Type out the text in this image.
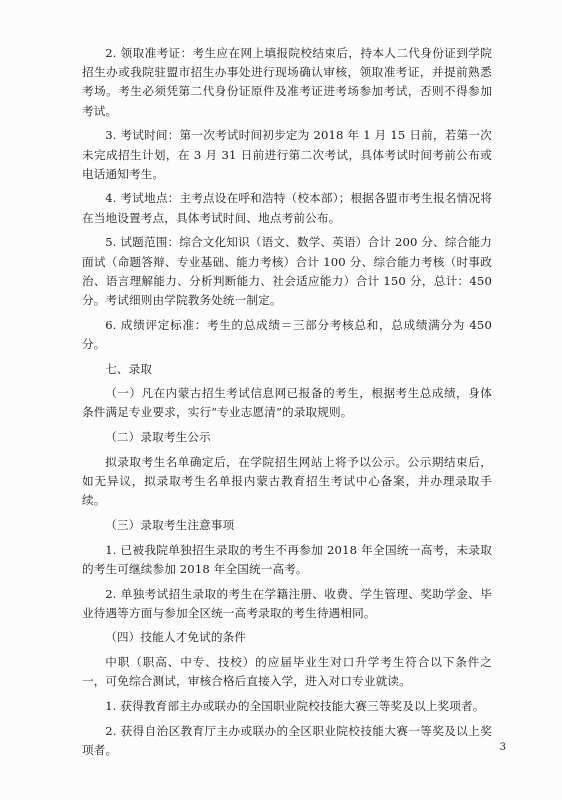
2. 领取准考证：考生应在网上填报院校结束后，持本人二代身份证到学院招生办或我院驻盟市招生办事处进行现场确认审核，领取准考证，并提前熟悉考场。考生必须凭第二代身份证原件及准考证进考场参加考试，否则不得参加考试。

3. 考试时间：第一次考试时间初步定为 2018 年 1 月 15 日前，若第一次未完成招生计划，在 3 月 31 日前进行第二次考试，具体考试时间考前公布或电话通知考生。

4. 考试地点：主考点设在呼和浩特（校本部）；根据各盟市考生报名情况将在当地设置考点，具体考试时间、地点考前公布。

5. 试题范围：综合文化知识（语文、数学、英语）合计 200 分、综合能力面试（命题答辩、专业基础、能力考核）合计 100 分、综合能力考核（时事政治、语言理解能力、分析判断能力、社会适应能力）合计 150 分，总计：450 分。考试细则由学院教务处统一制定。

6. 成绩评定标准：考生的总成绩＝三部分考核总和，总成绩满分为 450 分。

七、录取

（一）凡在内蒙古招生考试信息网已报备的考生，根据考生总成绩，身体条件满足专业要求，实行“专业志愿清”的录取规则。

（二）录取考生公示

拟录取考生名单确定后，在学院招生网站上将予以公示。公示期结束后，如无异议，拟录取考生名单报内蒙古教育招生考试中心备案，并办理录取手续。

（三）录取考生注意事项

1. 已被我院单独招生录取的考生不再参加 2018 年全国统一高考，未录取的考生可继续参加 2018 年全国统一高考。

2. 单独考试招生录取的考生在学籍注册、收费、学生管理、奖助学金、毕业待遇等方面与参加全区统一高考录取的考生待遇相同。

（四）技能人才免试的条件

中职（职高、中专、技校）的应届毕业生对口升学考生符合以下条件之一，可免综合测试，审核合格后直接入学，进入对口专业就读。

1. 获得教育部主办或联办的全国职业院校技能大赛三等奖及以上奖项者。

2. 获得自治区教育厅主办或联办的全区职业院校技能大赛一等奖及以上奖项者。	3
